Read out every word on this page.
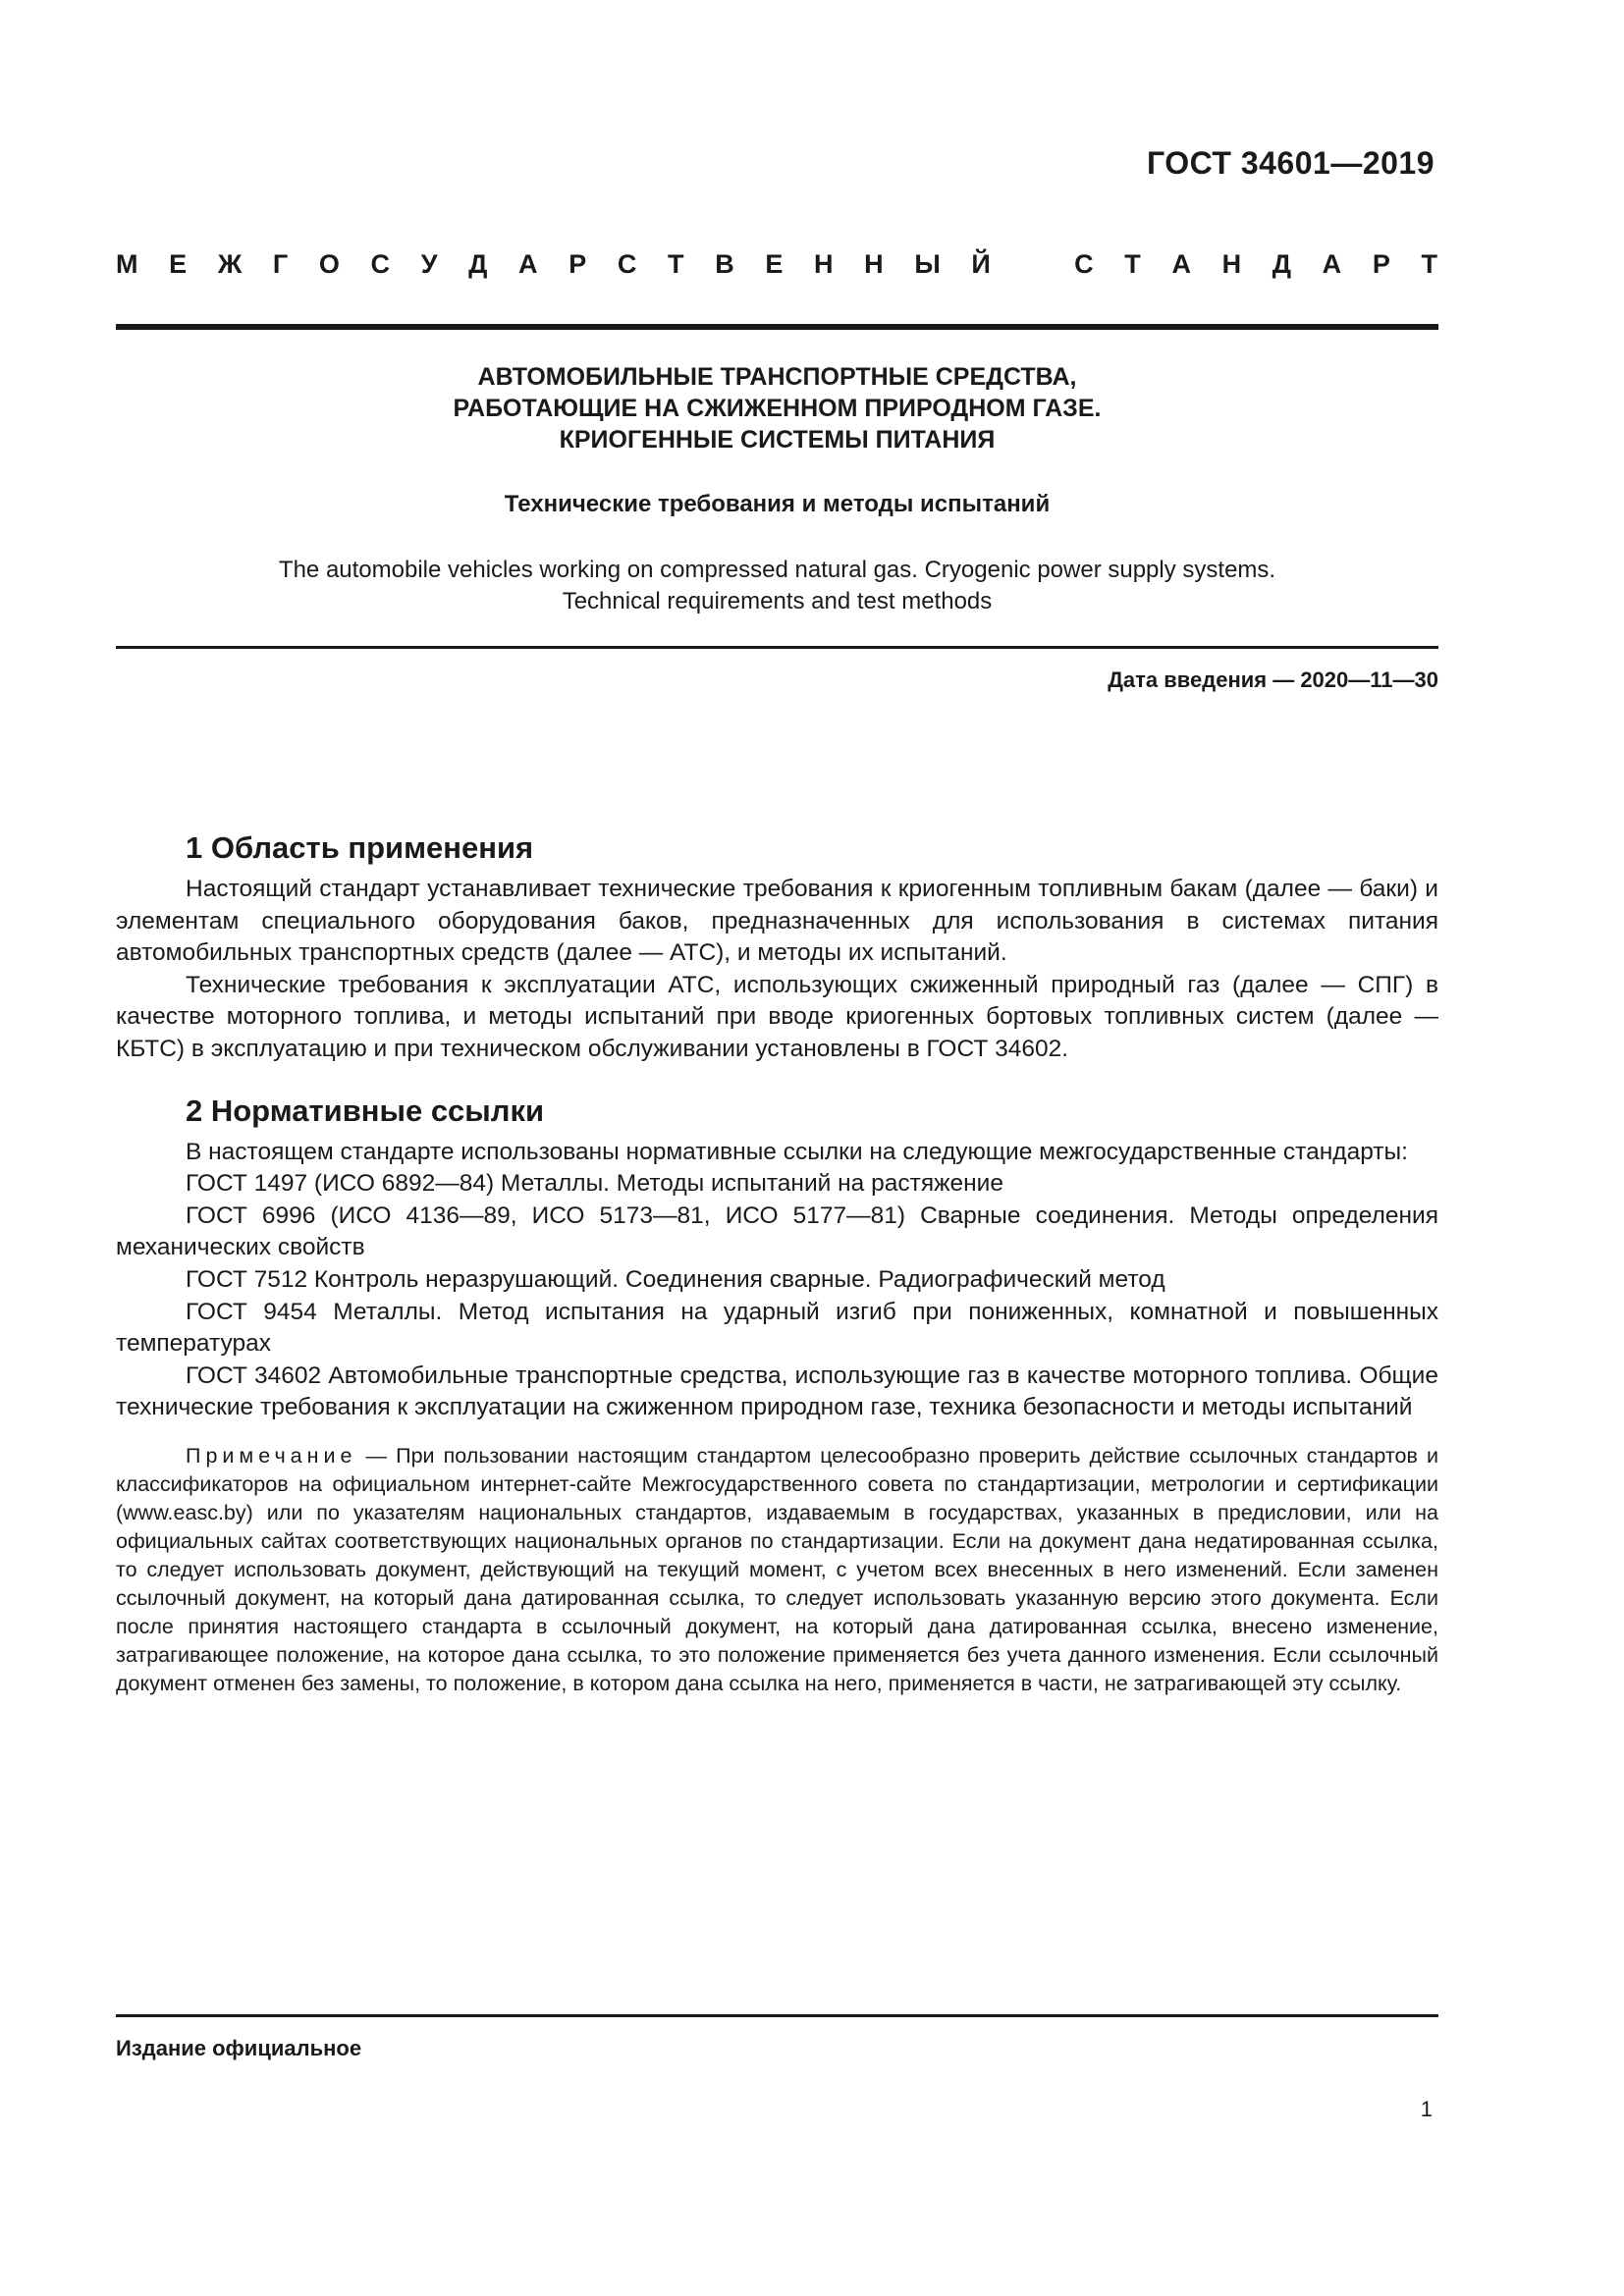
ГОСТ 34601—2019
М Е Ж Г О С У Д А Р С Т В Е Н Н Ы Й	С Т А Н Д А Р Т
АВТОМОБИЛЬНЫЕ ТРАНСПОРТНЫЕ СРЕДСТВА,
РАБОТАЮЩИЕ НА СЖИЖЕННОМ ПРИРОДНОМ ГАЗЕ.
КРИОГЕННЫЕ СИСТЕМЫ ПИТАНИЯ
Технические требования и методы испытаний
The automobile vehicles working on compressed natural gas. Cryogenic power supply systems.
Technical requirements and test methods
Дата введения — 2020—11—30
1 Область применения

Настоящий стандарт устанавливает технические требования к криогенным топливным бакам (далее — баки) и элементам специального оборудования баков, предназначенных для использования в системах питания автомобильных транспортных средств (далее — АТС), и методы их испытаний.

Технические требования к эксплуатации АТС, использующих сжиженный природный газ (далее — СПГ) в качестве моторного топлива, и методы испытаний при вводе криогенных бортовых топливных систем (далее — КБТС) в эксплуатацию и при техническом обслуживании установлены в ГОСТ 34602.

2 Нормативные ссылки

В настоящем стандарте использованы нормативные ссылки на следующие межгосударственные стандарты:

ГОСТ 1497 (ИСО 6892—84) Металлы. Методы испытаний на растяжение

ГОСТ 6996 (ИСО 4136—89, ИСО 5173—81, ИСО 5177—81) Сварные соединения. Методы определения механических свойств

ГОСТ 7512 Контроль неразрушающий. Соединения сварные. Радиографический метод

ГОСТ 9454 Металлы. Метод испытания на ударный изгиб при пониженных, комнатной и повышенных температурах

ГОСТ 34602 Автомобильные транспортные средства, использующие газ в качестве моторного топлива. Общие технические требования к эксплуатации на сжиженном природном газе, техника безопасности и методы испытаний

Примечание — При пользовании настоящим стандартом целесообразно проверить действие ссылочных стандартов и классификаторов на официальном интернет-сайте Межгосударственного совета по стандартизации, метрологии и сертификации (www.easc.by) или по указателям национальных стандартов, издаваемым в государствах, указанных в предисловии, или на официальных сайтах соответствующих национальных органов по стандартизации. Если на документ дана недатированная ссылка, то следует использовать документ, действующий на текущий момент, с учетом всех внесенных в него изменений. Если заменен ссылочный документ, на который дана датированная ссылка, то следует использовать указанную версию этого документа. Если после принятия настоящего стандарта в ссылочный документ, на который дана датированная ссылка, внесено изменение, затрагивающее положение, на которое дана ссылка, то это положение применяется без учета данного изменения. Если ссылочный документ отменен без замены, то положение, в котором дана ссылка на него, применяется в части, не затрагивающей эту ссылку.
Издание официальное
1
